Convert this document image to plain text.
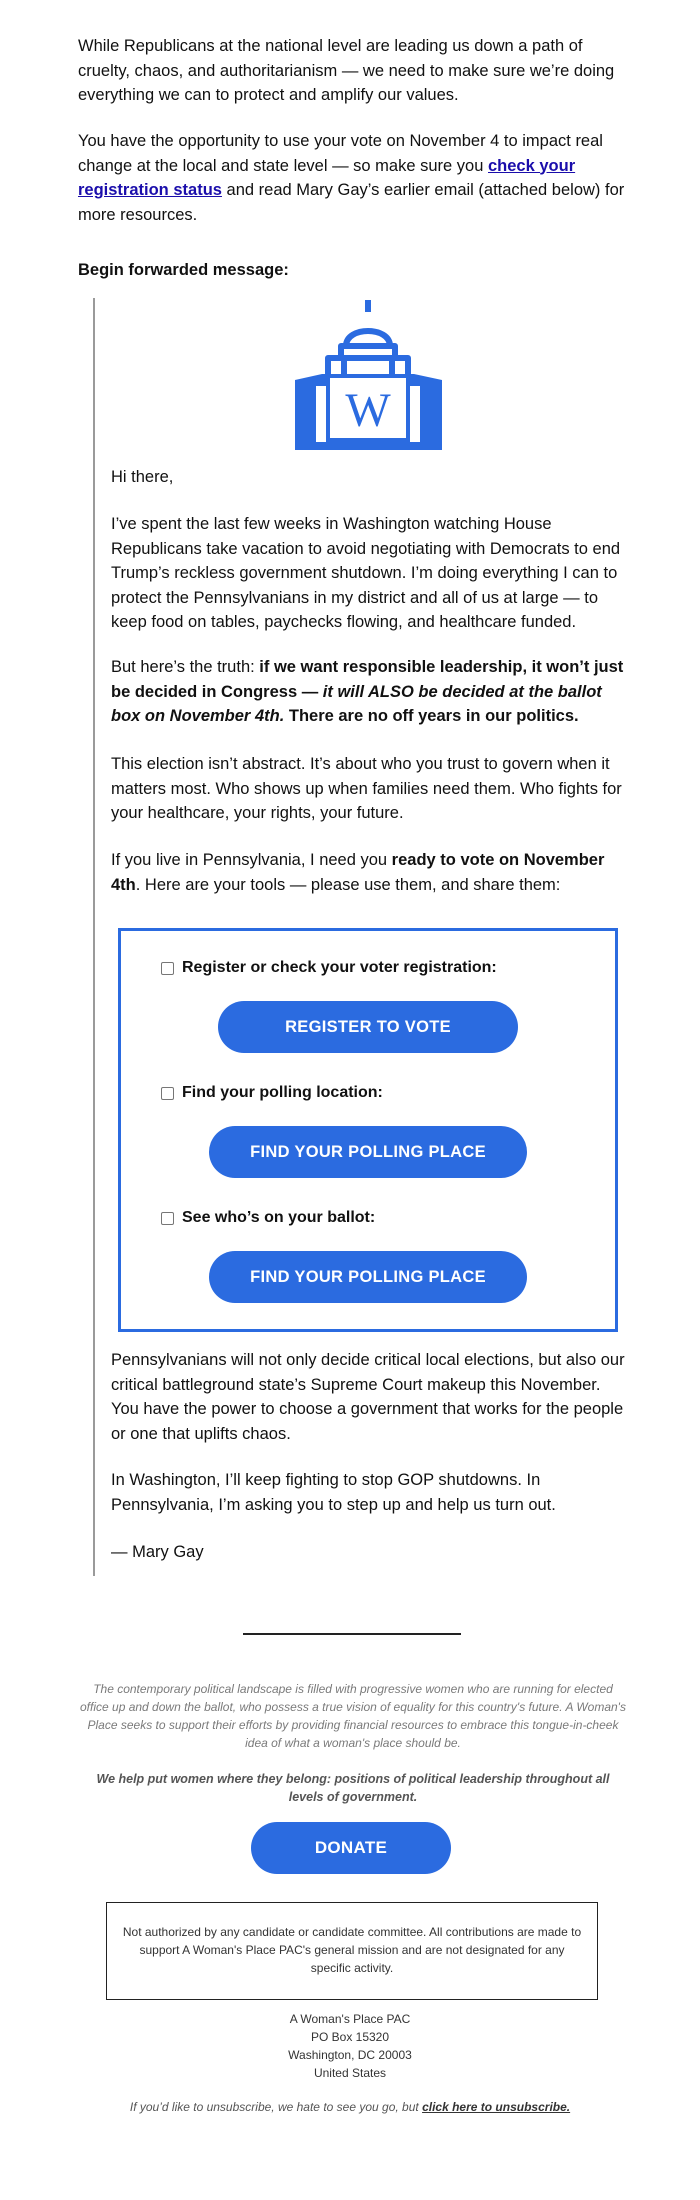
While Republicans at the national level are leading us down a path of cruelty, chaos, and authoritarianism — we need to make sure we’re doing everything we can to protect and amplify our values.

You have the opportunity to use your vote on November 4 to impact real change at the local and state level — so make sure you check your registration status and read Mary Gay’s earlier email (attached below) for more resources.

Begin forwarded message:

W

Hi there,

I’ve spent the last few weeks in Washington watching House Republicans take vacation to avoid negotiating with Democrats to end Trump’s reckless government shutdown. I’m doing everything I can to protect the Pennsylvanians in my district and all of us at large — to keep food on tables, paychecks flowing, and healthcare funded.

But here’s the truth: if we want responsible leadership, it won’t just be decided in Congress — it will ALSO be decided at the ballot box on November 4th. There are no off years in our politics.

This election isn’t abstract. It’s about who you trust to govern when it matters most. Who shows up when families need them. Who fights for your healthcare, your rights, your future.

If you live in Pennsylvania, I need you ready to vote on November 4th. Here are your tools — please use them, and share them:

Register or check your voter registration:
REGISTER TO VOTE
Find your polling location:
FIND YOUR POLLING PLACE
See who’s on your ballot:
FIND YOUR POLLING PLACE

Pennsylvanians will not only decide critical local elections, but also our critical battleground state’s Supreme Court makeup this November. You have the power to choose a government that works for the people or one that uplifts chaos.

In Washington, I’ll keep fighting to stop GOP shutdowns. In Pennsylvania, I’m asking you to step up and help us turn out.

— Mary Gay

The contemporary political landscape is filled with progressive women who are running for elected office up and down the ballot, who possess a true vision of equality for this country's future. A Woman's Place seeks to support their efforts by providing financial resources to embrace this tongue-in-cheek idea of what a woman's place should be.
We help put women where they belong: positions of political leadership throughout all levels of government.
DONATE
Not authorized by any candidate or candidate committee. All contributions are made to support A Woman's Place PAC's general mission and are not designated for any specific activity.
A Woman's Place PAC
PO Box 15320
Washington, DC 20003
United States
If you’d like to unsubscribe, we hate to see you go, but click here to unsubscribe.
